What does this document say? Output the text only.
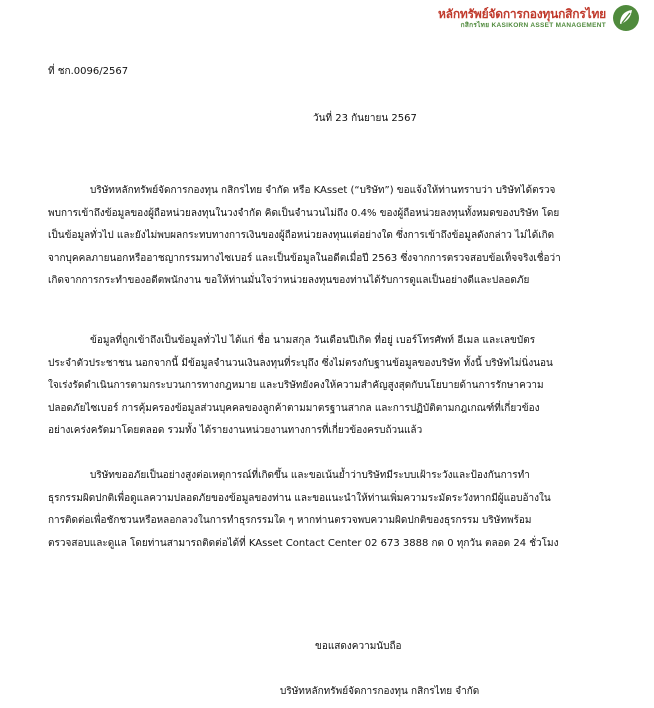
หลักทรัพย์จัดการกองทุนกสิกรไทย
กสิกรไทย KASIKORN ASSET MANAGEMENT
ที่ ชก.0096/2567
วันที่ 23 กันยายน 2567
บริษัทหลักทรัพย์จัดการกองทุน กสิกรไทย จำกัด หรือ KAsset (“บริษัท”) ขอแจ้งให้ท่านทราบว่า บริษัทได้ตรวจ
พบการเข้าถึงข้อมูลของผู้ถือหน่วยลงทุนในวงจำกัด คิดเป็นจำนวนไม่ถึง 0.4% ของผู้ถือหน่วยลงทุนทั้งหมดของบริษัท โดย
เป็นข้อมูลทั่วไป และยังไม่พบผลกระทบทางการเงินของผู้ถือหน่วยลงทุนแต่อย่างใด ซึ่งการเข้าถึงข้อมูลดังกล่าว ไม่ได้เกิด
จากบุคคลภายนอกหรืออาชญากรรมทางไซเบอร์ และเป็นข้อมูลในอดีตเมื่อปี 2563 ซึ่งจากการตรวจสอบข้อเท็จจริงเชื่อว่า
เกิดจากการกระทำของอดีตพนักงาน ขอให้ท่านมั่นใจว่าหน่วยลงทุนของท่านได้รับการดูแลเป็นอย่างดีและปลอดภัย
ข้อมูลที่ถูกเข้าถึงเป็นข้อมูลทั่วไป ได้แก่ ชื่อ นามสกุล วันเดือนปีเกิด ที่อยู่ เบอร์โทรศัพท์ อีเมล และเลขบัตร
ประจำตัวประชาชน นอกจากนี้ มีข้อมูลจำนวนเงินลงทุนที่ระบุถึง ซึ่งไม่ตรงกับฐานข้อมูลของบริษัท ทั้งนี้ บริษัทไม่นิ่งนอน
ใจเร่งรัดดำเนินการตามกระบวนการทางกฎหมาย และบริษัทยังคงให้ความสำคัญสูงสุดกับนโยบายด้านการรักษาความ
ปลอดภัยไซเบอร์ การคุ้มครองข้อมูลส่วนบุคคลของลูกค้าตามมาตรฐานสากล และการปฏิบัติตามกฎเกณฑ์ที่เกี่ยวข้อง
อย่างเคร่งครัดมาโดยตลอด รวมทั้ง ได้รายงานหน่วยงานทางการที่เกี่ยวข้องครบถ้วนแล้ว
บริษัทขออภัยเป็นอย่างสูงต่อเหตุการณ์ที่เกิดขึ้น และขอเน้นย้ำว่าบริษัทมีระบบเฝ้าระวังและป้องกันการทำ
ธุรกรรมผิดปกติเพื่อดูแลความปลอดภัยของข้อมูลของท่าน และขอแนะนำให้ท่านเพิ่มความระมัดระวังหากมีผู้แอบอ้างใน
การติดต่อเพื่อชักชวนหรือหลอกลวงในการทำธุรกรรมใด ๆ หากท่านตรวจพบความผิดปกติของธุรกรรม บริษัทพร้อม
ตรวจสอบและดูแล โดยท่านสามารถติดต่อได้ที่ KAsset Contact Center 02 673 3888 กด 0 ทุกวัน ตลอด 24 ชั่วโมง
ขอแสดงความนับถือ
บริษัทหลักทรัพย์จัดการกองทุน กสิกรไทย จำกัด
